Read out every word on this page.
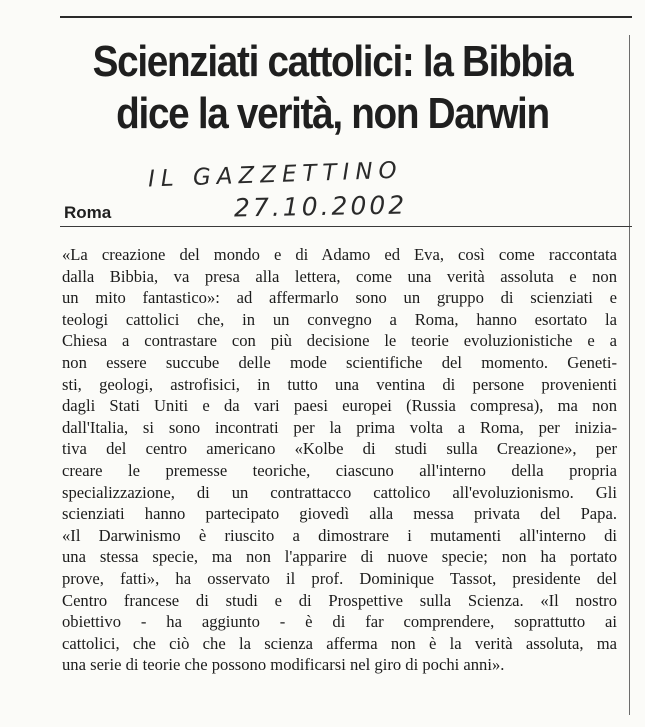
Scienziati cattolici: la Bibbia
dice la verità, non Darwin
IL GAZZETTINO
27.10.2002
Roma
«La creazione del mondo e di Adamo ed Eva, così come raccontata
dalla Bibbia, va presa alla lettera, come una verità assoluta e non
un mito fantastico»: ad affermarlo sono un gruppo di scienziati e
teologi cattolici che, in un convegno a Roma, hanno esortato la
Chiesa a contrastare con più decisione le teorie evoluzionistiche e a
non essere succube delle mode scientifiche del momento. Geneti-
sti, geologi, astrofisici, in tutto una ventina di persone provenienti
dagli Stati Uniti e da vari paesi europei (Russia compresa), ma non
dall'Italia, si sono incontrati per la prima volta a Roma, per inizia-
tiva del centro americano «Kolbe di studi sulla Creazione», per
creare le premesse teoriche, ciascuno all'interno della propria
specializzazione, di un contrattacco cattolico all'evoluzionismo. Gli
scienziati hanno partecipato giovedì alla messa privata del Papa.
«Il Darwinismo è riuscito a dimostrare i mutamenti all'interno di
una stessa specie, ma non l'apparire di nuove specie; non ha portato
prove, fatti», ha osservato il prof. Dominique Tassot, presidente del
Centro francese di studi e di Prospettive sulla Scienza. «Il nostro
obiettivo - ha aggiunto - è di far comprendere, soprattutto ai
cattolici, che ciò che la scienza afferma non è la verità assoluta, ma
una serie di teorie che possono modificarsi nel giro di pochi anni».
